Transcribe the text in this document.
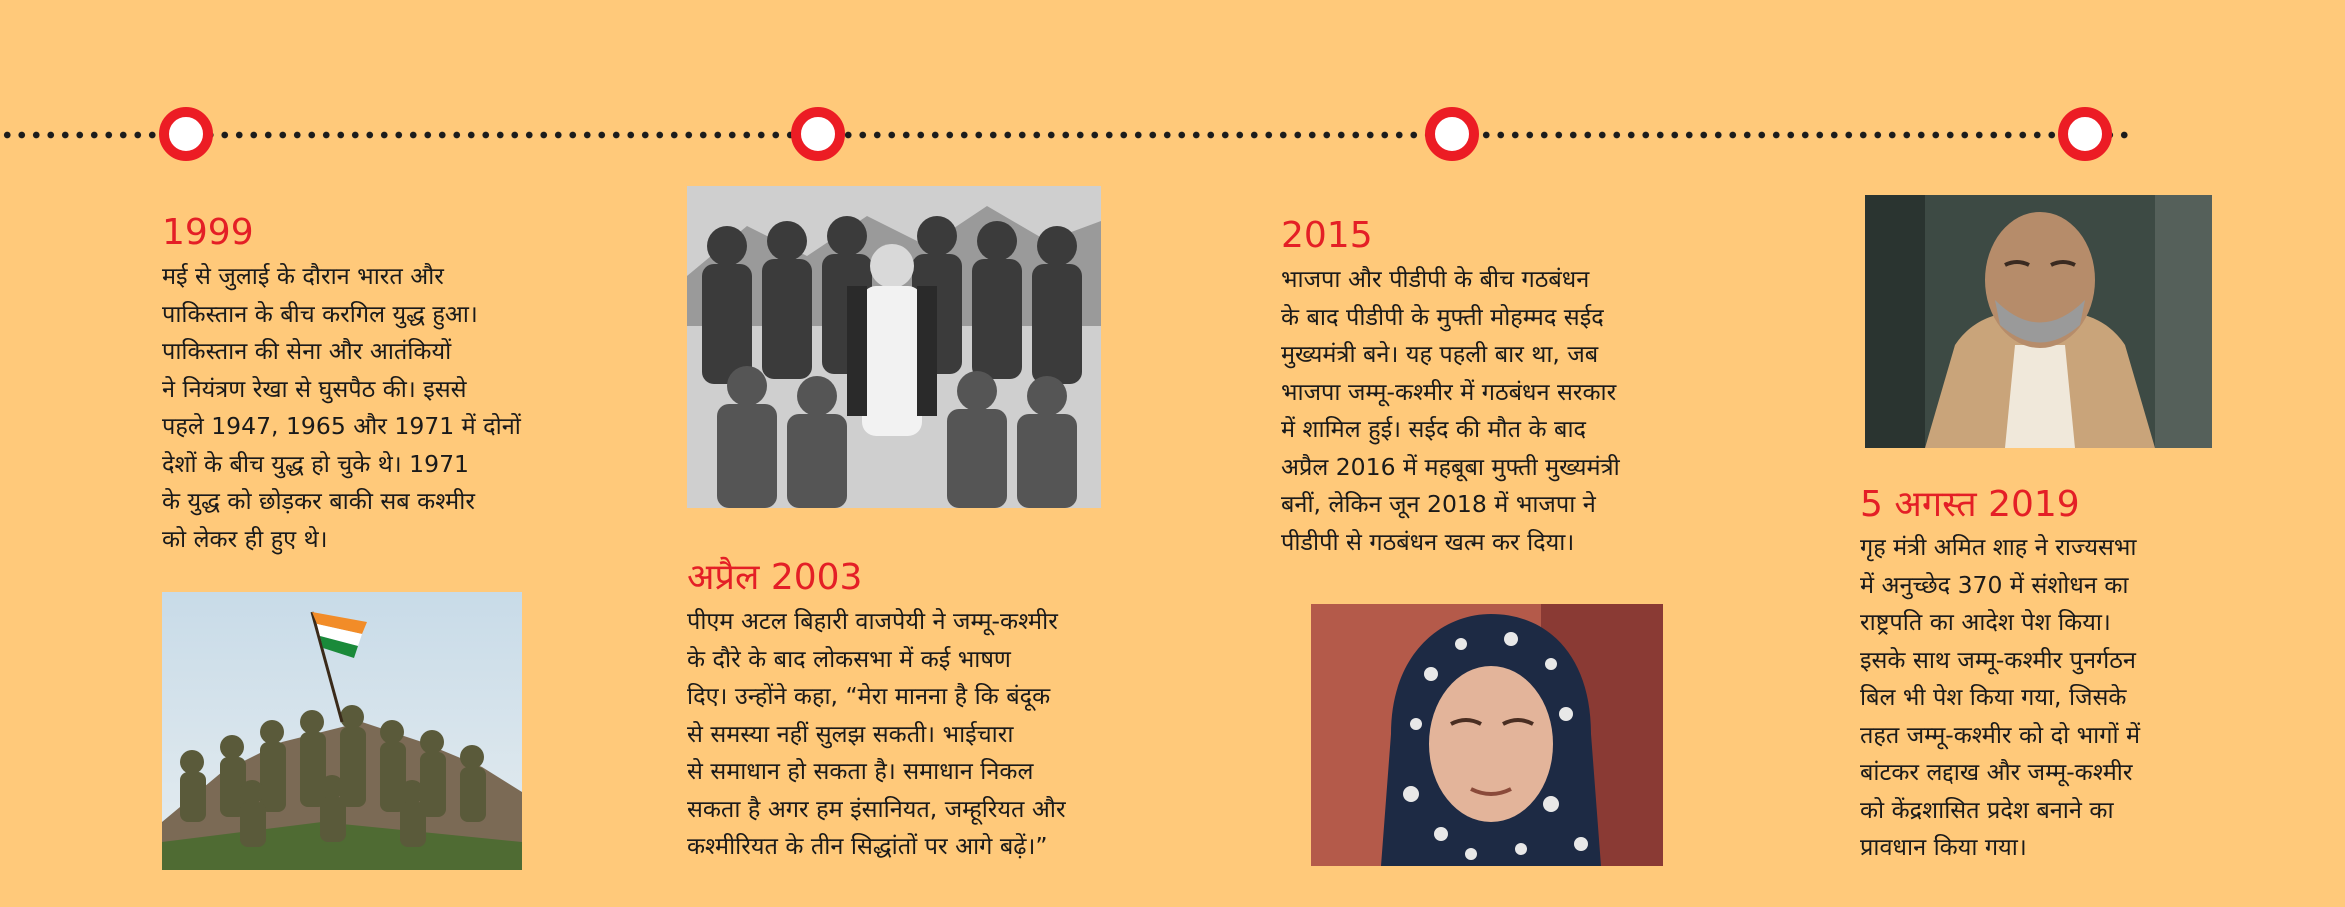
1999

मई से जुलाई के दौरान भारत और
पाकिस्तान के बीच करगिल युद्ध हुआ।
पाकिस्तान की सेना और आतंकियों
ने नियंत्रण रेखा से घुसपैठ की। इससे
पहले 1947, 1965 और 1971 में दोनों
देशों के बीच युद्ध हो चुके थे। 1971
के युद्ध को छोड़कर बाकी सब कश्मीर
को लेकर ही हुए थे।

अप्रैल 2003

पीएम अटल बिहारी वाजपेयी ने जम्मू-कश्मीर
के दौरे के बाद लोकसभा में कई भाषण
दिए। उन्होंने कहा, “मेरा मानना है कि बंदूक
से समस्या नहीं सुलझ सकती। भाईचारा
से समाधान हो सकता है। समाधान निकल
सकता है अगर हम इंसानियत, जम्हूरियत और
कश्मीरियत के तीन सिद्धांतों पर आगे बढ़ें।”

2015

भाजपा और पीडीपी के बीच गठबंधन
के बाद पीडीपी के मुफ्ती मोहम्मद सईद
मुख्यमंत्री बने। यह पहली बार था, जब
भाजपा जम्मू-कश्मीर में गठबंधन सरकार
में शामिल हुई। सईद की मौत के बाद
अप्रैल 2016 में महबूबा मुफ्ती मुख्यमंत्री
बनीं, लेकिन जून 2018 में भाजपा ने
पीडीपी से गठबंधन खत्म कर दिया।

5 अगस्त 2019

गृह मंत्री अमित शाह ने राज्यसभा
में अनुच्छेद 370 में संशोधन का
राष्ट्रपति का आदेश पेश किया।
इसके साथ जम्मू-कश्मीर पुनर्गठन
बिल भी पेश किया गया, जिसके
तहत जम्मू-कश्मीर को दो भागों में
बांटकर लद्दाख और जम्मू-कश्मीर
को केंद्रशासित प्रदेश बनाने का
प्रावधान किया गया।
